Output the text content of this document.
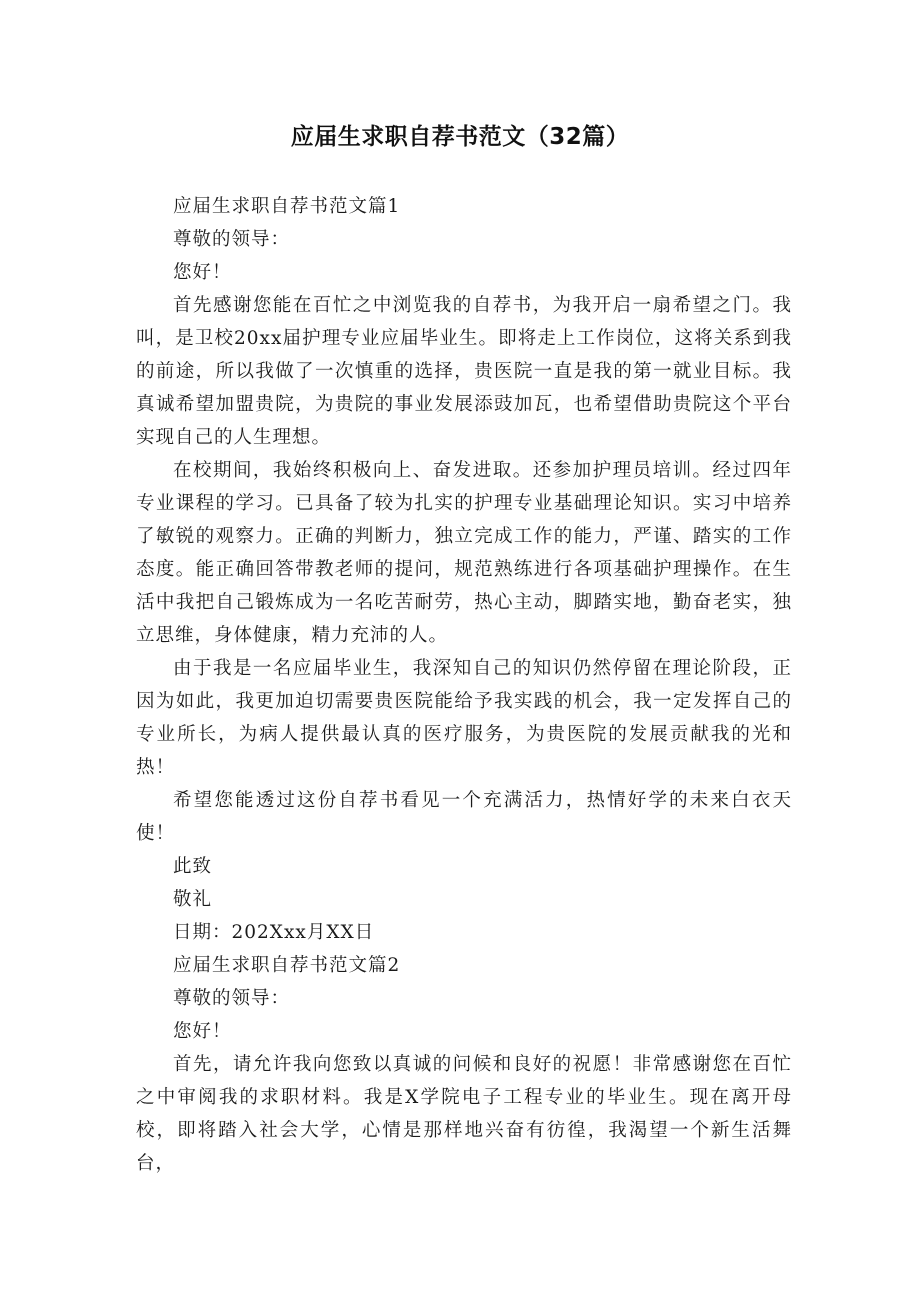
应届生求职自荐书范文（32篇）

应届生求职自荐书范文篇1

尊敬的领导：

您好！

首先感谢您能在百忙之中浏览我的自荐书，为我开启一扇希望之门。我叫，是卫校20xx届护理专业应届毕业生。即将走上工作岗位，这将关系到我的前途，所以我做了一次慎重的选择，贵医院一直是我的第一就业目标。我真诚希望加盟贵院，为贵院的事业发展添豉加瓦，也希望借助贵院这个平台实现自己的人生理想。

在校期间，我始终积极向上、奋发进取。还参加护理员培训。经过四年专业课程的学习。已具备了较为扎实的护理专业基础理论知识。实习中培养了敏锐的观察力。正确的判断力，独立完成工作的能力，严谨、踏实的工作态度。能正确回答带教老师的提问，规范熟练进行各项基础护理操作。在生活中我把自己锻炼成为一名吃苦耐劳，热心主动，脚踏实地，勤奋老实，独立思维，身体健康，精力充沛的人。

由于我是一名应届毕业生，我深知自己的知识仍然停留在理论阶段，正因为如此，我更加迫切需要贵医院能给予我实践的机会，我一定发挥自己的专业所长，为病人提供最认真的医疗服务，为贵医院的发展贡献我的光和热！

希望您能透过这份自荐书看见一个充满活力，热情好学的未来白衣天使！

此致

敬礼

日期：202Xxx月XX日

应届生求职自荐书范文篇2

尊敬的领导：

您好！

首先，请允许我向您致以真诚的问候和良好的祝愿！非常感谢您在百忙之中审阅我的求职材料。我是X学院电子工程专业的毕业生。现在离开母校，即将踏入社会大学，心情是那样地兴奋有彷徨，我渴望一个新生活舞台，
